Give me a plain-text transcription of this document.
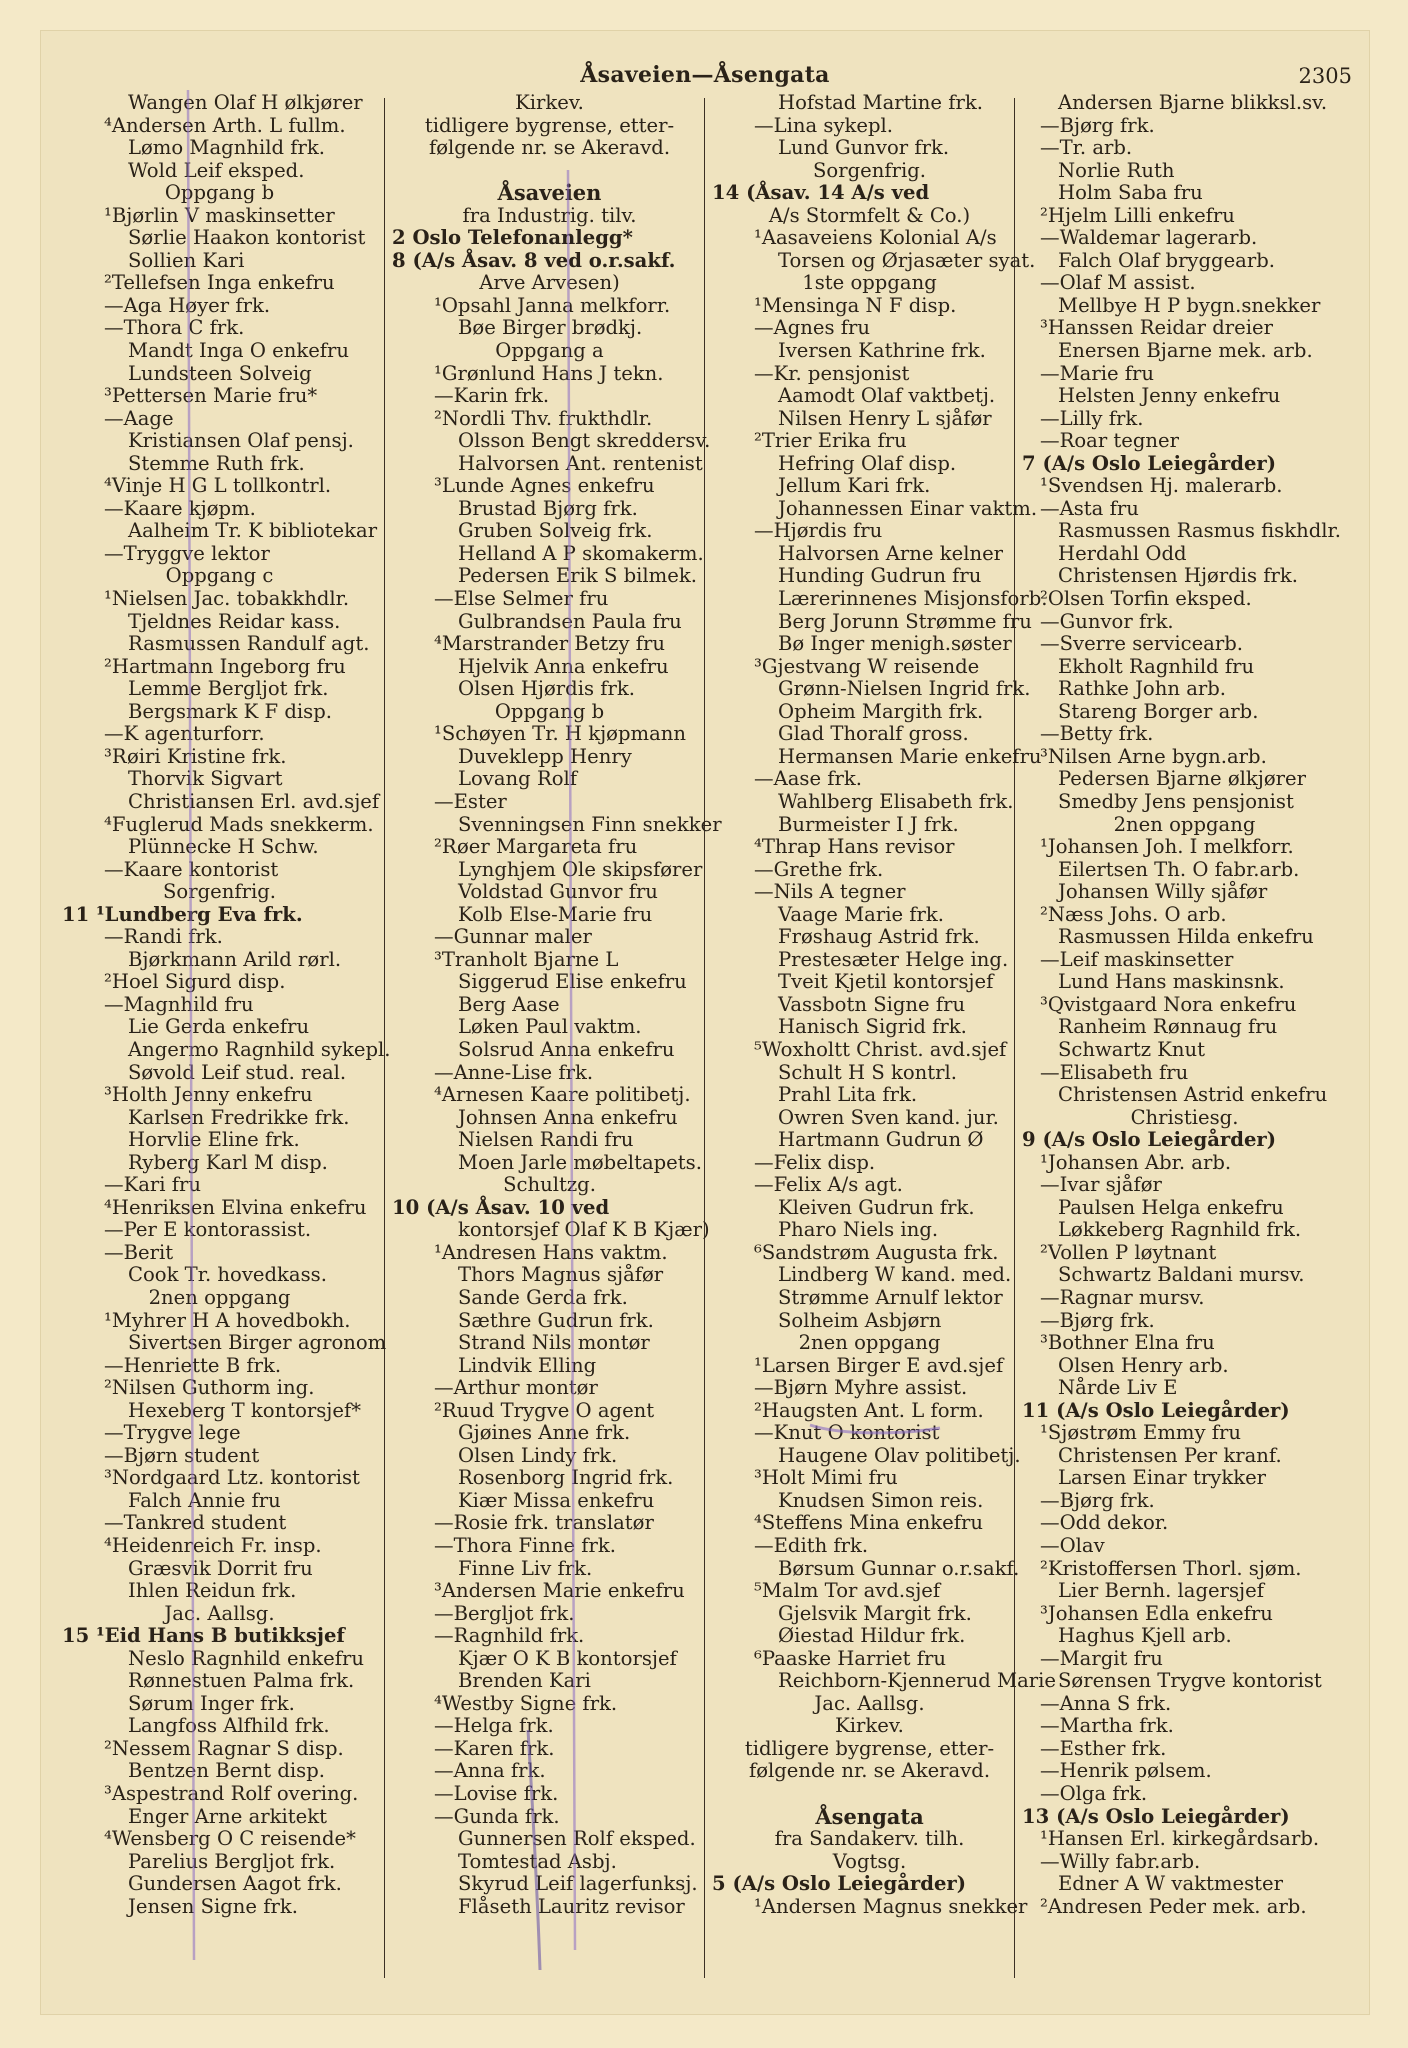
Åsaveien—Åsengata	2305
Wangen Olaf H ølkjører
⁴Andersen Arth. L fullm.
Lømo Magnhild frk.
Wold Leif eksped.
Oppgang b
¹Bjørlin V maskinsetter
Sørlie Haakon kontorist
Sollien Kari
²Tellefsen Inga enkefru
—Aga Høyer frk.
—Thora C frk.
Mandt Inga O enkefru
Lundsteen Solveig
³Pettersen Marie fru*
—Aage
Kristiansen Olaf pensj.
Stemme Ruth frk.
⁴Vinje H G L tollkontrl.
—Kaare kjøpm.
Aalheim Tr. K bibliotekar
—Tryggve lektor
Oppgang c
¹Nielsen Jac. tobakkhdlr.
Tjeldnes Reidar kass.
Rasmussen Randulf agt.
²Hartmann Ingeborg fru
Lemme Bergljot frk.
Bergsmark K F disp.
—K agenturforr.
³Røiri Kristine frk.
Thorvik Sigvart
Christiansen Erl. avd.sjef
⁴Fuglerud Mads snekkerm.
Plünnecke H Schw.
—Kaare kontorist
Sorgenfrig.
11 ¹Lundberg Eva frk.
—Randi frk.
Bjørkmann Arild rørl.
²Hoel Sigurd disp.
—Magnhild fru
Lie Gerda enkefru
Angermo Ragnhild sykepl.
Søvold Leif stud. real.
³Holth Jenny enkefru
Karlsen Fredrikke frk.
Horvlie Eline frk.
Ryberg Karl M disp.
—Kari fru
⁴Henriksen Elvina enkefru
—Per E kontorassist.
—Berit
Cook Tr. hovedkass.
2nen oppgang
¹Myhrer H A hovedbokh.
Sivertsen Birger agronom
—Henriette B frk.
²Nilsen Guthorm ing.
Hexeberg T kontorsjef*
—Trygve lege
—Bjørn student
³Nordgaard Ltz. kontorist
Falch Annie fru
—Tankred student
⁴Heidenreich Fr. insp.
Græsvik Dorrit fru
Ihlen Reidun frk.
Jac. Aallsg.
15 ¹Eid Hans B butikksjef
Neslo Ragnhild enkefru
Rønnestuen Palma frk.
Sørum Inger frk.
Langfoss Alfhild frk.
²Nessem Ragnar S disp.
Bentzen Bernt disp.
³Aspestrand Rolf overing.
Enger Arne arkitekt
⁴Wensberg O C reisende*
Parelius Bergljot frk.
Gundersen Aagot frk.
Jensen Signe frk.
Kirkev.
tidligere bygrense, etter-
følgende nr. se Akeravd.
Åsaveien
fra Industrig. tilv.
2 Oslo Telefonanlegg*
8 (A/s Åsav. 8 ved o.r.sakf.
Arve Arvesen)
¹Opsahl Janna melkforr.
Bøe Birger brødkj.
Oppgang a
¹Grønlund Hans J tekn.
—Karin frk.
²Nordli Thv. frukthdlr.
Olsson Bengt skreddersv.
Halvorsen Ant. rentenist
³Lunde Agnes enkefru
Brustad Bjørg frk.
Gruben Solveig frk.
Helland A P skomakerm.
Pedersen Erik S bilmek.
—Else Selmer fru
Gulbrandsen Paula fru
⁴Marstrander Betzy fru
Hjelvik Anna enkefru
Olsen Hjørdis frk.
Oppgang b
¹Schøyen Tr. H kjøpmann
Duveklepp Henry
Lovang Rolf
—Ester
Svenningsen Finn snekker
²Røer Margareta fru
Lynghjem Ole skipsfører
Voldstad Gunvor fru
Kolb Else-Marie fru
—Gunnar maler
³Tranholt Bjarne L
Siggerud Elise enkefru
Berg Aase
Løken Paul vaktm.
Solsrud Anna enkefru
—Anne-Lise frk.
⁴Arnesen Kaare politibetj.
Johnsen Anna enkefru
Nielsen Randi fru
Moen Jarle møbeltapets.
Schultzg.
10 (A/s Åsav. 10 ved
kontorsjef Olaf K B Kjær)
¹Andresen Hans vaktm.
Thors Magnus sjåfør
Sande Gerda frk.
Sæthre Gudrun frk.
Strand Nils montør
Lindvik Elling
—Arthur montør
²Ruud Trygve O agent
Gjøines Anne frk.
Olsen Lindy frk.
Rosenborg Ingrid frk.
Kiær Missa enkefru
—Rosie frk. translatør
—Thora Finne frk.
Finne Liv frk.
³Andersen Marie enkefru
—Bergljot frk.
—Ragnhild frk.
Kjær O K B kontorsjef
Brenden Kari
⁴Westby Signe frk.
—Helga frk.
—Karen frk.
—Anna frk.
—Lovise frk.
—Gunda frk.
Gunnersen Rolf eksped.
Tomtestad Asbj.
Skyrud Leif lagerfunksj.
Flåseth Lauritz revisor
Hofstad Martine frk.
—Lina sykepl.
Lund Gunvor frk.
Sorgenfrig.
14 (Åsav. 14 A/s ved
A/s Stormfelt & Co.)
¹Aasaveiens Kolonial A/s
Torsen og Ørjasæter syat.
1ste oppgang
¹Mensinga N F disp.
—Agnes fru
Iversen Kathrine frk.
—Kr. pensjonist
Aamodt Olaf vaktbetj.
Nilsen Henry L sjåfør
²Trier Erika fru
Hefring Olaf disp.
Jellum Kari frk.
Johannessen Einar vaktm.
—Hjørdis fru
Halvorsen Arne kelner
Hunding Gudrun fru
Lærerinnenes Misjonsforb.
Berg Jorunn Strømme fru
Bø Inger menigh.søster
³Gjestvang W reisende
Grønn-Nielsen Ingrid frk.
Opheim Margith frk.
Glad Thoralf gross.
Hermansen Marie enkefru
—Aase frk.
Wahlberg Elisabeth frk.
Burmeister I J frk.
⁴Thrap Hans revisor
—Grethe frk.
—Nils A tegner
Vaage Marie frk.
Frøshaug Astrid frk.
Prestesæter Helge ing.
Tveit Kjetil kontorsjef
Vassbotn Signe fru
Hanisch Sigrid frk.
⁵Woxholtt Christ. avd.sjef
Schult H S kontrl.
Prahl Lita frk.
Owren Sven kand. jur.
Hartmann Gudrun Ø
—Felix disp.
—Felix A/s agt.
Kleiven Gudrun frk.
Pharo Niels ing.
⁶Sandstrøm Augusta frk.
Lindberg W kand. med.
Strømme Arnulf lektor
Solheim Asbjørn
2nen oppgang
¹Larsen Birger E avd.sjef
—Bjørn Myhre assist.
²Haugsten Ant. L form.
—Knut O kontorist
Haugene Olav politibetj.
³Holt Mimi fru
Knudsen Simon reis.
⁴Steffens Mina enkefru
—Edith frk.
Børsum Gunnar o.r.sakf.
⁵Malm Tor avd.sjef
Gjelsvik Margit frk.
Øiestad Hildur frk.
⁶Paaske Harriet fru
Reichborn-Kjennerud Marie
Jac. Aallsg.
Kirkev.
tidligere bygrense, etter-
følgende nr. se Akeravd.
Åsengata
fra Sandakerv. tilh.
Vogtsg.
5 (A/s Oslo Leiegårder)
¹Andersen Magnus snekker
Andersen Bjarne blikksl.sv.
—Bjørg frk.
—Tr. arb.
Norlie Ruth
Holm Saba fru
²Hjelm Lilli enkefru
—Waldemar lagerarb.
Falch Olaf bryggearb.
—Olaf M assist.
Mellbye H P bygn.snekker
³Hanssen Reidar dreier
Enersen Bjarne mek. arb.
—Marie fru
Helsten Jenny enkefru
—Lilly frk.
—Roar tegner
7 (A/s Oslo Leiegårder)
¹Svendsen Hj. malerarb.
—Asta fru
Rasmussen Rasmus fiskhdlr.
Herdahl Odd
Christensen Hjørdis frk.
²Olsen Torfin eksped.
—Gunvor frk.
—Sverre servicearb.
Ekholt Ragnhild fru
Rathke John arb.
Stareng Borger arb.
—Betty frk.
³Nilsen Arne bygn.arb.
Pedersen Bjarne ølkjører
Smedby Jens pensjonist
2nen oppgang
¹Johansen Joh. I melkforr.
Eilertsen Th. O fabr.arb.
Johansen Willy sjåfør
²Næss Johs. O arb.
Rasmussen Hilda enkefru
—Leif maskinsetter
Lund Hans maskinsnk.
³Qvistgaard Nora enkefru
Ranheim Rønnaug fru
Schwartz Knut
—Elisabeth fru
Christensen Astrid enkefru
Christiesg.
9 (A/s Oslo Leiegårder)
¹Johansen Abr. arb.
—Ivar sjåfør
Paulsen Helga enkefru
Løkkeberg Ragnhild frk.
²Vollen P løytnant
Schwartz Baldani mursv.
—Ragnar mursv.
—Bjørg frk.
³Bothner Elna fru
Olsen Henry arb.
Nårde Liv E
11 (A/s Oslo Leiegårder)
¹Sjøstrøm Emmy fru
Christensen Per kranf.
Larsen Einar trykker
—Bjørg frk.
—Odd dekor.
—Olav
²Kristoffersen Thorl. sjøm.
Lier Bernh. lagersjef
³Johansen Edla enkefru
Haghus Kjell arb.
—Margit fru
Sørensen Trygve kontorist
—Anna S frk.
—Martha frk.
—Esther frk.
—Henrik pølsem.
—Olga frk.
13 (A/s Oslo Leiegårder)
¹Hansen Erl. kirkegårdsarb.
—Willy fabr.arb.
Edner A W vaktmester
²Andresen Peder mek. arb.
